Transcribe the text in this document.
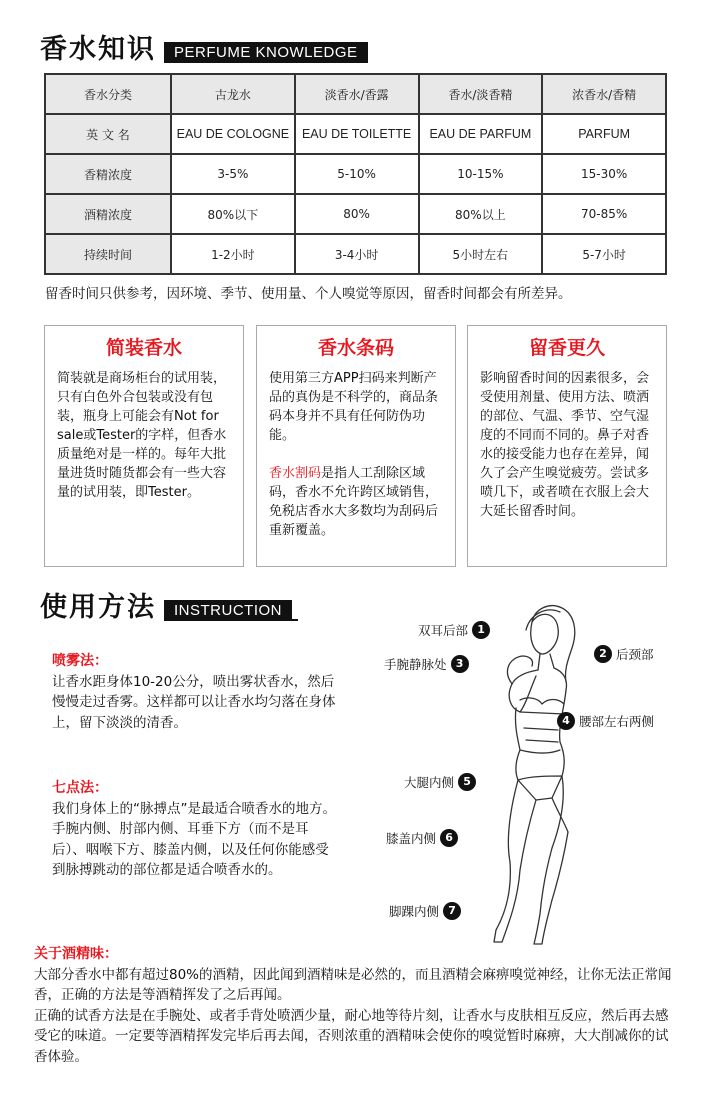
香水知识	PERFUME KNOWLEDGE
香水分类	古龙水	淡香水/香露	香水/淡香精	浓香水/香精
英 文 名	EAU DE COLOGNE	EAU DE TOILETTE	EAU DE PARFUM	PARFUM
香精浓度	3-5%	5-10%	10-15%	15-30%
酒精浓度	80%以下	80%	80%以上	70-85%
持续时间	1-2小时	3-4小时	5小时左右	5-7小时
留香时间只供参考，因环境、季节、使用量、个人嗅觉等原因，留香时间都会有所差异。
简装香水

简装就是商场柜台的试用装，只有白色外合包装或没有包装，瓶身上可能会有Not for sale或Tester的字样，但香水质量绝对是一样的。每年大批量进货时随货都会有一些大容量的试用装，即Tester。

香水条码

使用第三方APP扫码来判断产品的真伪是不科学的，商品条码本身并不具有任何防伪功能。

香水割码是指人工刮除区域码，香水不允许跨区域销售，免税店香水大多数均为刮码后重新覆盖。

留香更久

影响留香时间的因素很多，会受使用剂量、使用方法、喷洒的部位、气温、季节、空气湿度的不同而不同的。鼻子对香水的接受能力也存在差异，闻久了会产生嗅觉疲劳。尝试多喷几下，或者喷在衣服上会大大延长留香时间。

使用方法	INSTRUCTION
喷雾法：
让香水距身体10-20公分，喷出雾状香水，然后慢慢走过香雾。这样都可以让香水均匀落在身体上，留下淡淡的清香。
七点法：
我们身体上的“脉搏点”是最适合喷香水的地方。手腕内侧、肘部内侧、耳垂下方（而不是耳后）、咽喉下方、膝盖内侧，以及任何你能感受到脉搏跳动的部位都是适合喷香水的。
双耳后部 1
2 后颈部
手腕静脉处 3
4 腰部左右两侧
大腿内侧 5
膝盖内侧 6
脚踝内侧 7
关于酒精味：
大部分香水中都有超过80%的酒精，因此闻到酒精味是必然的，而且酒精会麻痹嗅觉神经，让你无法正常闻香，正确的方法是等酒精挥发了之后再闻。
正确的试香方法是在手腕处、或者手背处喷洒少量，耐心地等待片刻，让香水与皮肤相互反应，然后再去感受它的味道。一定要等酒精挥发完毕后再去闻，否则浓重的酒精味会使你的嗅觉暂时麻痹，大大削减你的试香体验。
